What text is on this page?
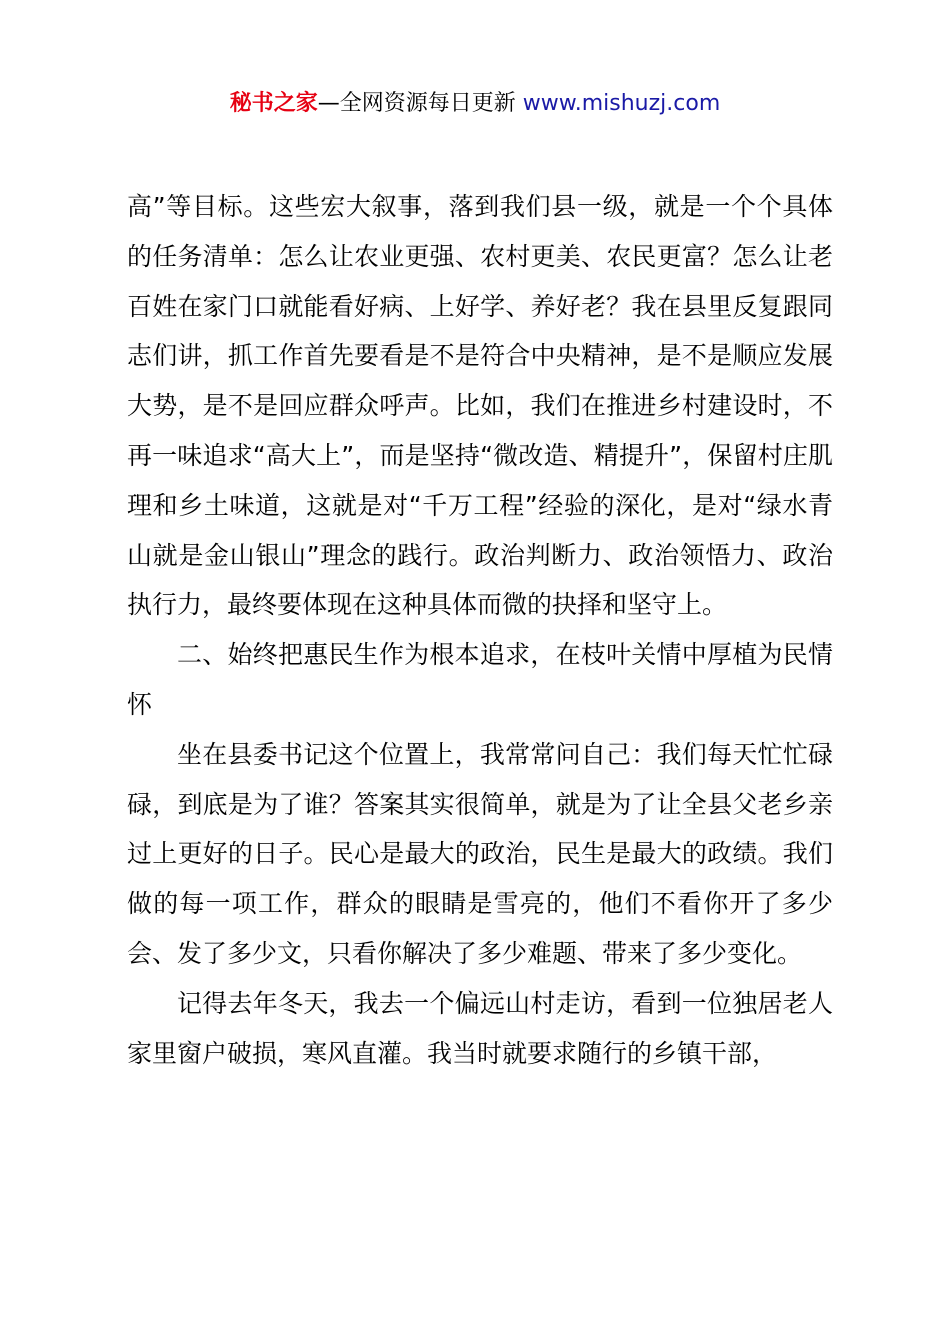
秘书之家—全网资源每日更新 www.mishuzj.com

高”等目标。这些宏大叙事，落到我们县一级，就是一个个具体的任务清单：怎么让农业更强、农村更美、农民更富？怎么让老百姓在家门口就能看好病、上好学、养好老？我在县里反复跟同志们讲，抓工作首先要看是不是符合中央精神，是不是顺应发展大势，是不是回应群众呼声。比如，我们在推进乡村建设时，不再一味追求“高大上”，而是坚持“微改造、精提升”，保留村庄肌理和乡土味道，这就是对“千万工程”经验的深化，是对“绿水青山就是金山银山”理念的践行。政治判断力、政治领悟力、政治执行力，最终要体现在这种具体而微的抉择和坚守上。

二、始终把惠民生作为根本追求，在枝叶关情中厚植为民情怀

坐在县委书记这个位置上，我常常问自己：我们每天忙忙碌碌，到底是为了谁？答案其实很简单，就是为了让全县父老乡亲过上更好的日子。民心是最大的政治，民生是最大的政绩。我们做的每一项工作，群众的眼睛是雪亮的，他们不看你开了多少会、发了多少文，只看你解决了多少难题、带来了多少变化。

记得去年冬天，我去一个偏远山村走访，看到一位独居老人家里窗户破损，寒风直灌。我当时就要求随行的乡镇干部，
